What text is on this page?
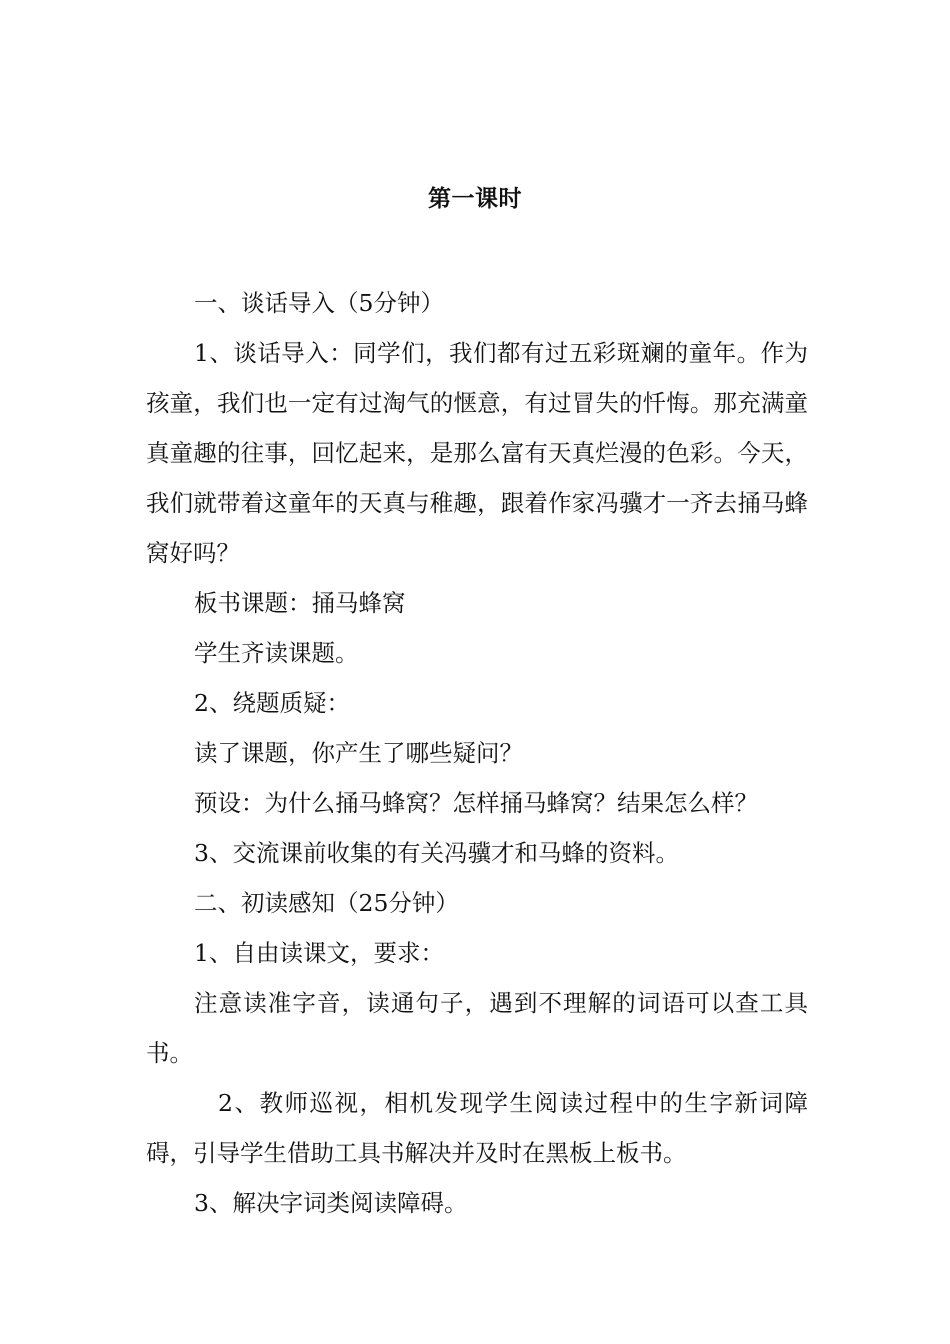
第一课时

一、谈话导入（5分钟）

1、谈话导入：同学们，我们都有过五彩斑斓的童年。作为孩童，我们也一定有过淘气的惬意，有过冒失的忏悔。那充满童真童趣的往事，回忆起来，是那么富有天真烂漫的色彩。今天，我们就带着这童年的天真与稚趣，跟着作家冯骥才一齐去捅马蜂窝好吗？

板书课题：捅马蜂窝

学生齐读课题。

2、绕题质疑：

读了课题，你产生了哪些疑问？

预设：为什么捅马蜂窝？怎样捅马蜂窝？结果怎么样？

3、交流课前收集的有关冯骥才和马蜂的资料。

二、初读感知（25分钟）

1、自由读课文，要求：

注意读准字音，读通句子，遇到不理解的词语可以查工具书。

2、教师巡视，相机发现学生阅读过程中的生字新词障碍，引导学生借助工具书解决并及时在黑板上板书。

3、解决字词类阅读障碍。
